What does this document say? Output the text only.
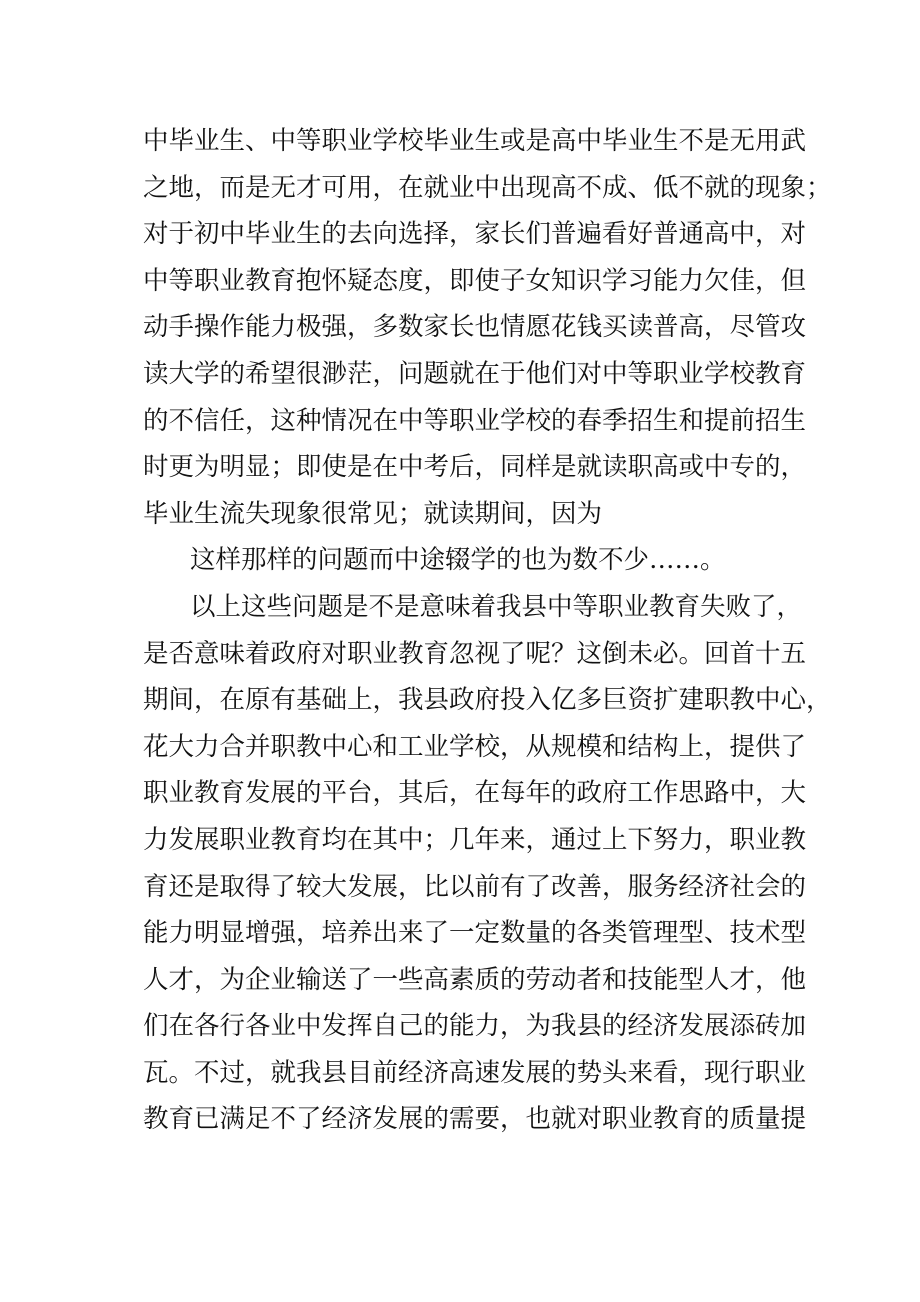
中毕业生、中等职业学校毕业生或是高中毕业生不是无用武
之地，而是无才可用，在就业中出现高不成、低不就的现象；
对于初中毕业生的去向选择，家长们普遍看好普通高中，对
中等职业教育抱怀疑态度，即使子女知识学习能力欠佳，但
动手操作能力极强，多数家长也情愿花钱买读普高，尽管攻
读大学的希望很渺茫，问题就在于他们对中等职业学校教育
的不信任，这种情况在中等职业学校的春季招生和提前招生
时更为明显；即使是在中考后，同样是就读职高或中专的，
毕业生流失现象很常见；就读期间，因为
这样那样的问题而中途辍学的也为数不少……。
以上这些问题是不是意味着我县中等职业教育失败了，
是否意味着政府对职业教育忽视了呢？这倒未必。回首十五
期间，在原有基础上，我县政府投入亿多巨资扩建职教中心，
花大力合并职教中心和工业学校，从规模和结构上，提供了
职业教育发展的平台，其后，在每年的政府工作思路中，大
力发展职业教育均在其中；几年来，通过上下努力，职业教
育还是取得了较大发展，比以前有了改善，服务经济社会的
能力明显增强，培养出来了一定数量的各类管理型、技术型
人才，为企业输送了一些高素质的劳动者和技能型人才，他
们在各行各业中发挥自己的能力，为我县的经济发展添砖加
瓦。不过，就我县目前经济高速发展的势头来看，现行职业
教育已满足不了经济发展的需要，也就对职业教育的质量提
